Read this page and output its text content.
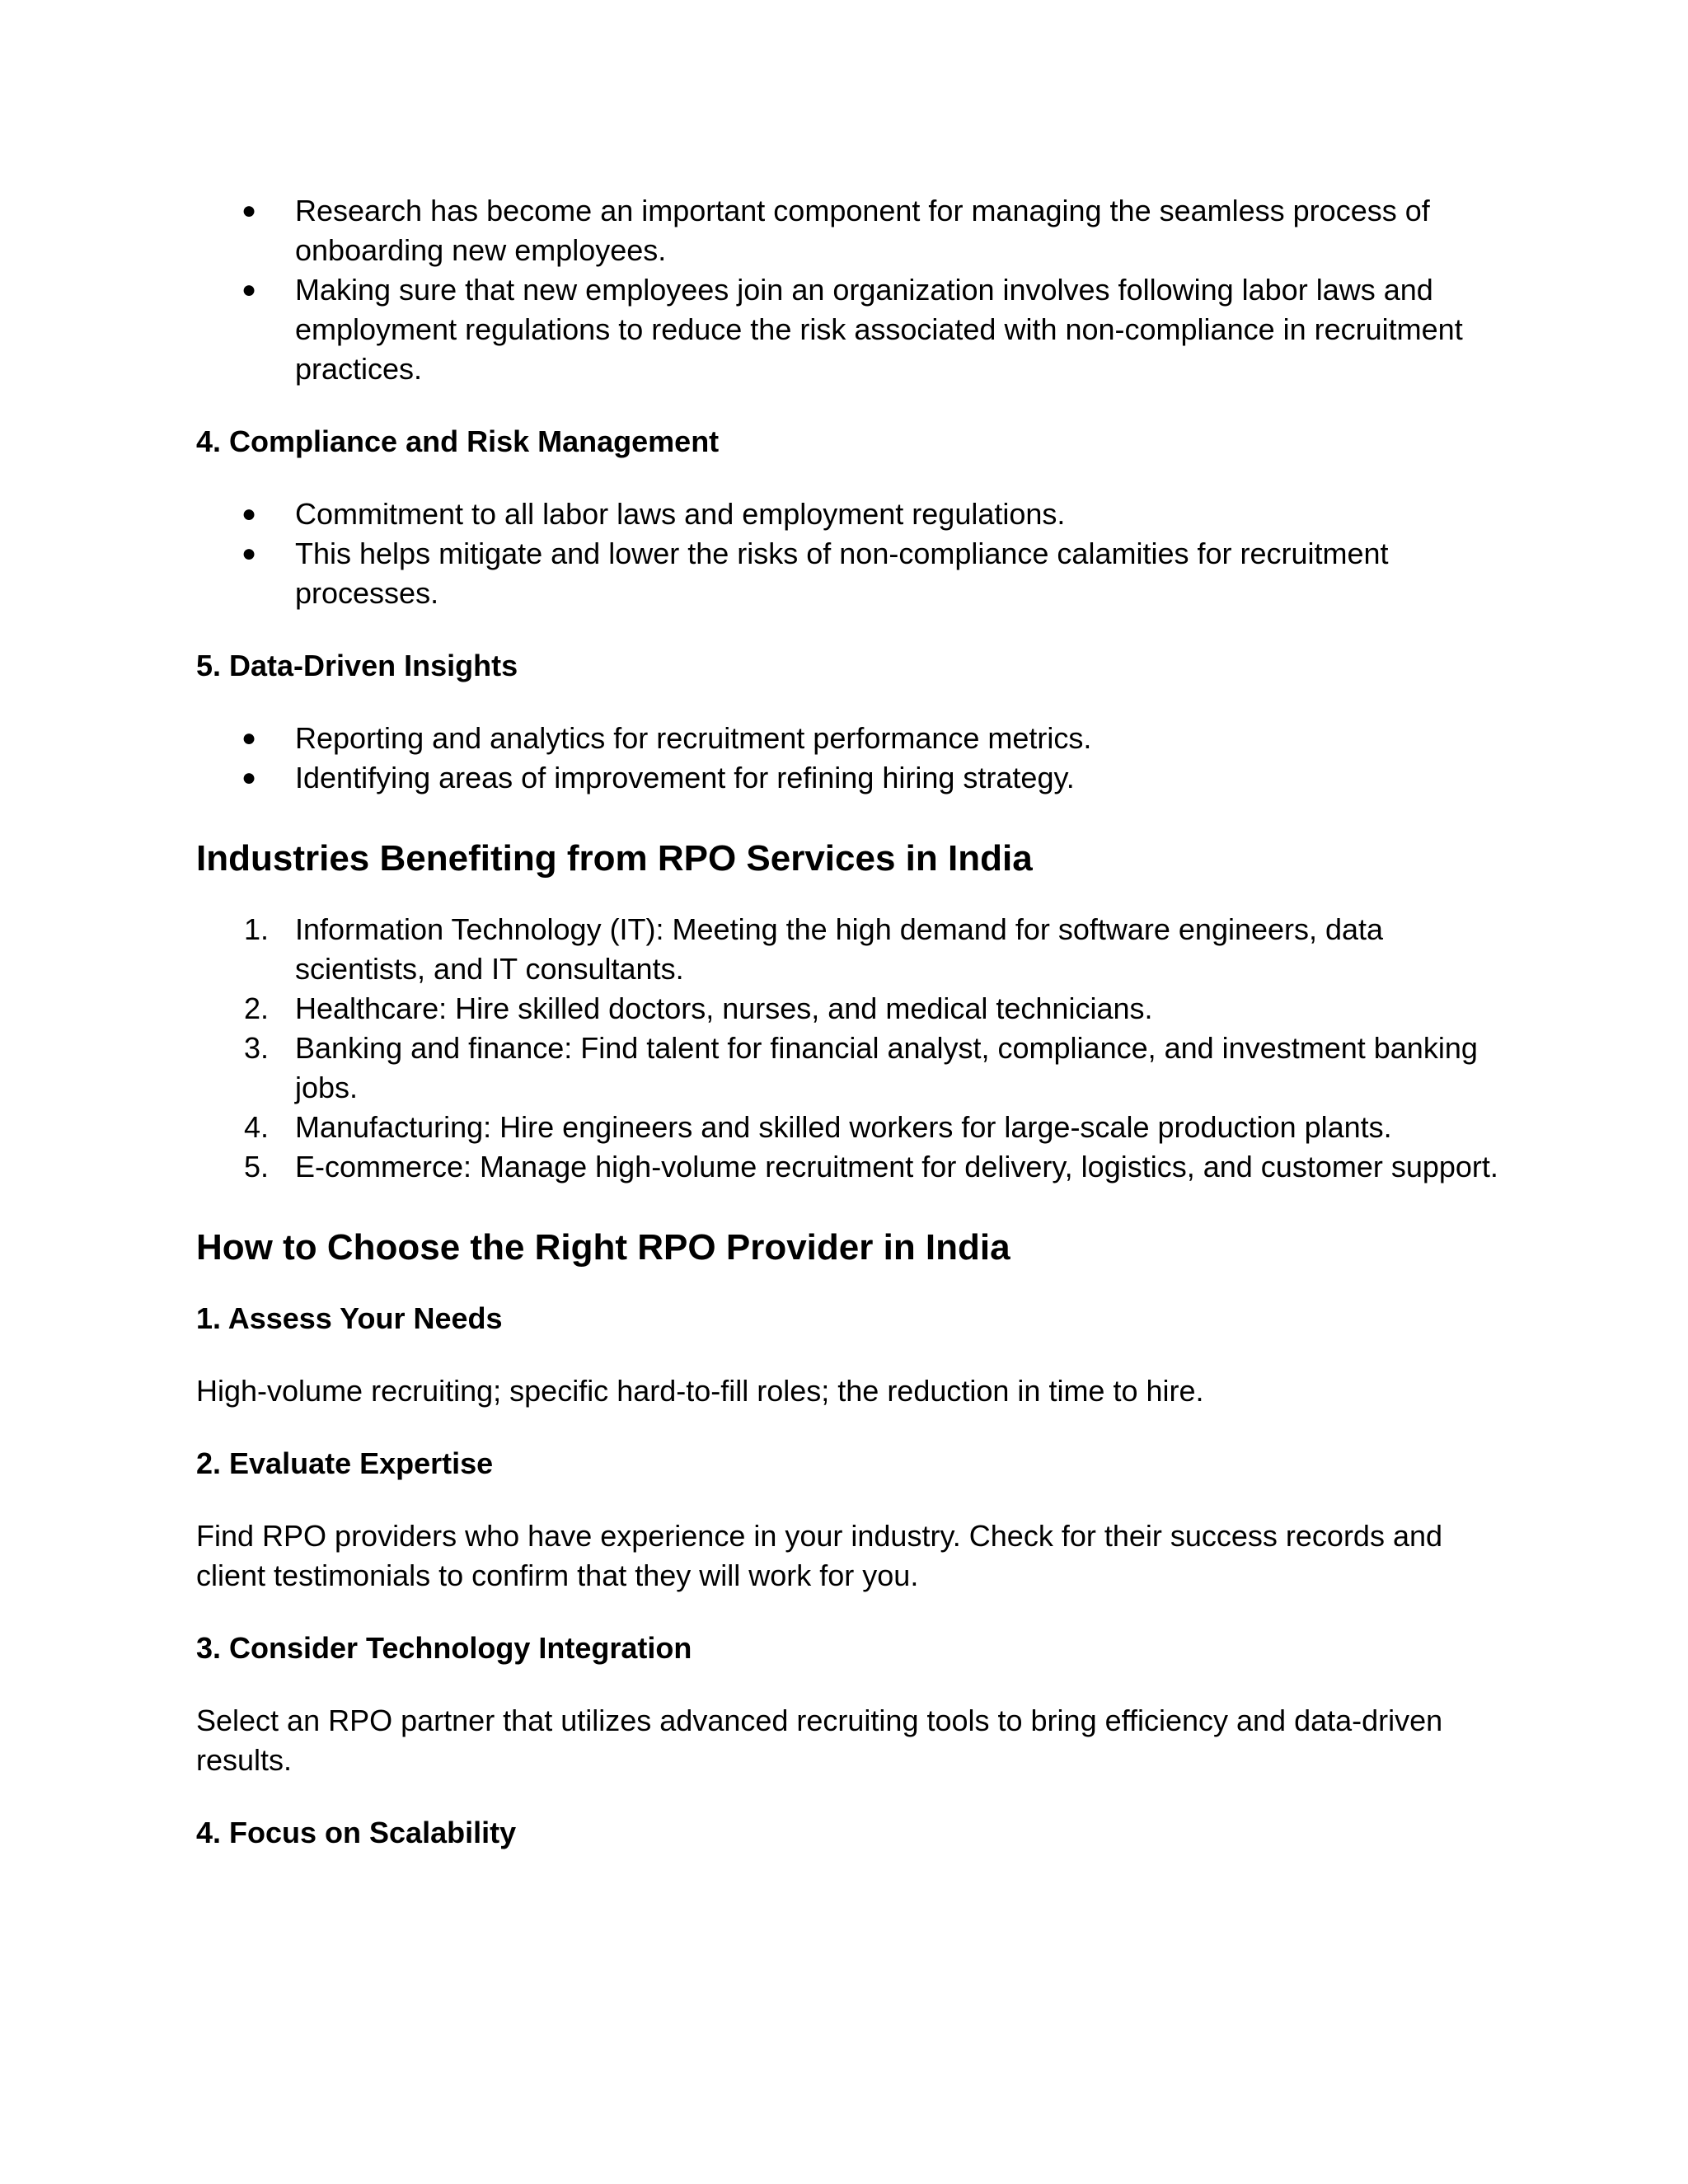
●	Research has become an important component for managing the seamless process of onboarding new employees.
●	Making sure that new employees join an organization involves following labor laws and employment regulations to reduce the risk associated with non-compliance in recruitment practices.

4. Compliance and Risk Management

●	Commitment to all labor laws and employment regulations.
●	This helps mitigate and lower the risks of non-compliance calamities for recruitment processes.

5. Data-Driven Insights

●	Reporting and analytics for recruitment performance metrics.
●	Identifying areas of improvement for refining hiring strategy.
Industries Benefiting from RPO Services in India
1. Information Technology (IT): Meeting the high demand for software engineers, data scientists, and IT consultants.
2. Healthcare: Hire skilled doctors, nurses, and medical technicians.
3. Banking and finance: Find talent for financial analyst, compliance, and investment banking jobs.
4. Manufacturing: Hire engineers and skilled workers for large-scale production plants.
5. E-commerce: Manage high-volume recruitment for delivery, logistics, and customer support.
How to Choose the Right RPO Provider in India

1. Assess Your Needs

High-volume recruiting; specific hard-to-fill roles; the reduction in time to hire.

2. Evaluate Expertise

Find RPO providers who have experience in your industry. Check for their success records and client testimonials to confirm that they will work for you.

3. Consider Technology Integration

Select an RPO partner that utilizes advanced recruiting tools to bring efficiency and data-driven results.

4. Focus on Scalability
